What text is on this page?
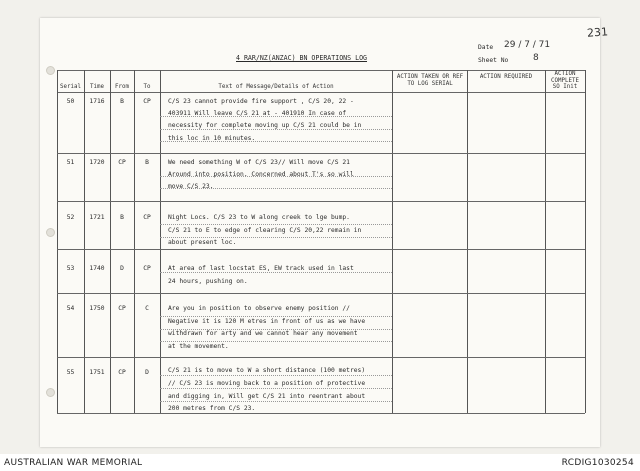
231
4 RAR/NZ(ANZAC) BN OPERATIONS LOG
Date 29 / 7 / 71
Sheet No	8
Serial	Time	From	To	Text of Message/Details of Action
ACTION TAKEN OR REF TO LOG SERIAL
ACTION REQUIRED	ACTION COMPLETE SO Init
50	1716	B	CP	C/S 23 cannot provide fire support , C/S 20, 22 -
403911 Will leave C/S 21 at - 401910 In case of
necessity for complete moving up C/S 21 could be in
this loc in 10 minutes.
51	1720	CP	B	We need something W of C/S 23// Will move C/S 21
Around into position. Concerned about T's so will
move C/S 23.
52	1721	B	CP	Night Locs. C/S 23 to W along creek to lge bump.
C/S 21 to E to edge of clearing C/S 20,22 remain in
about present loc.
53	1740	D	CP	At area of last locstat ES, EW track used in last
24 hours, pushing on.
54	1750	CP	C	Are you in position to observe enemy position //
Negative it is 120 M etres in front of us as we have
withdrawn for arty and we cannot hear any movement
at the movement.
55	1751	CP	D	C/S 21 is to move to W a short distance (100 metres)
// C/S 23 is moving back to a position of protective
and digging in, Will get C/S 21 into reentrant about
200 metres from C/S 23.
AUSTRALIAN WAR MEMORIAL	RCDIG1030254
